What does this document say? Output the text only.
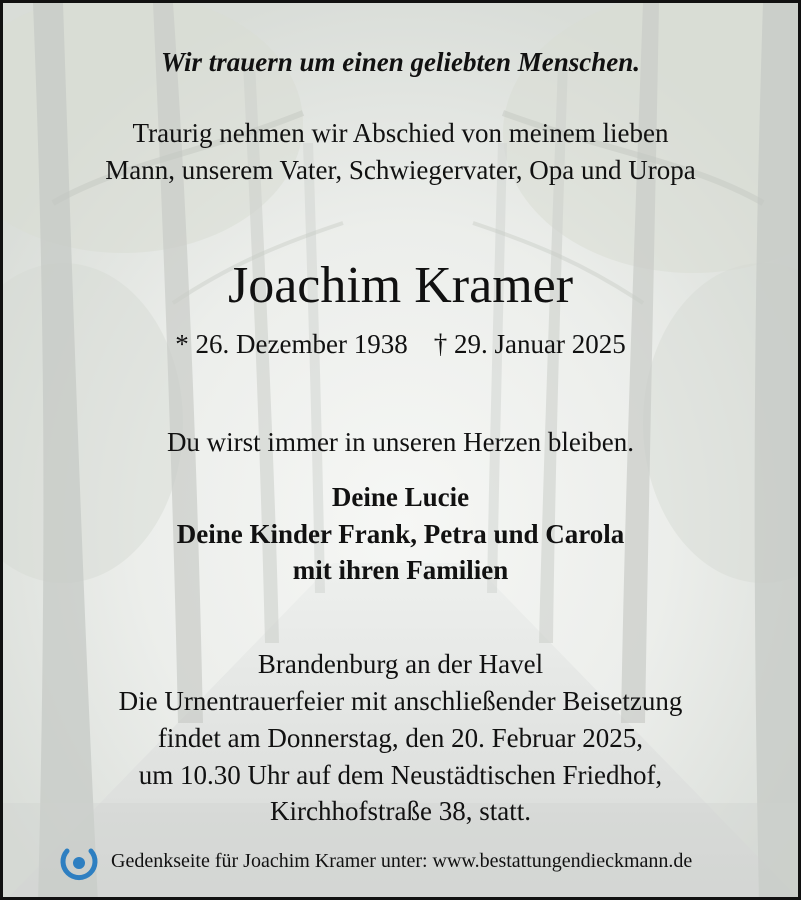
Wir trauern um einen geliebten Menschen.
Traurig nehmen wir Abschied von meinem lieben
Mann, unserem Vater, Schwiegervater, Opa und Uropa
Joachim Kramer
* 26. Dezember 1938 † 29. Januar 2025
Du wirst immer in unseren Herzen bleiben.
Deine Lucie
Deine Kinder Frank, Petra und Carola
mit ihren Familien
Brandenburg an der Havel
Die Urnentrauerfeier mit anschließender Beisetzung
findet am Donnerstag, den 20. Februar 2025,
um 10.30 Uhr auf dem Neustädtischen Friedhof,
Kirchhofstraße 38, statt.
Gedenkseite für Joachim Kramer unter: www.bestattungendieckmann.de
